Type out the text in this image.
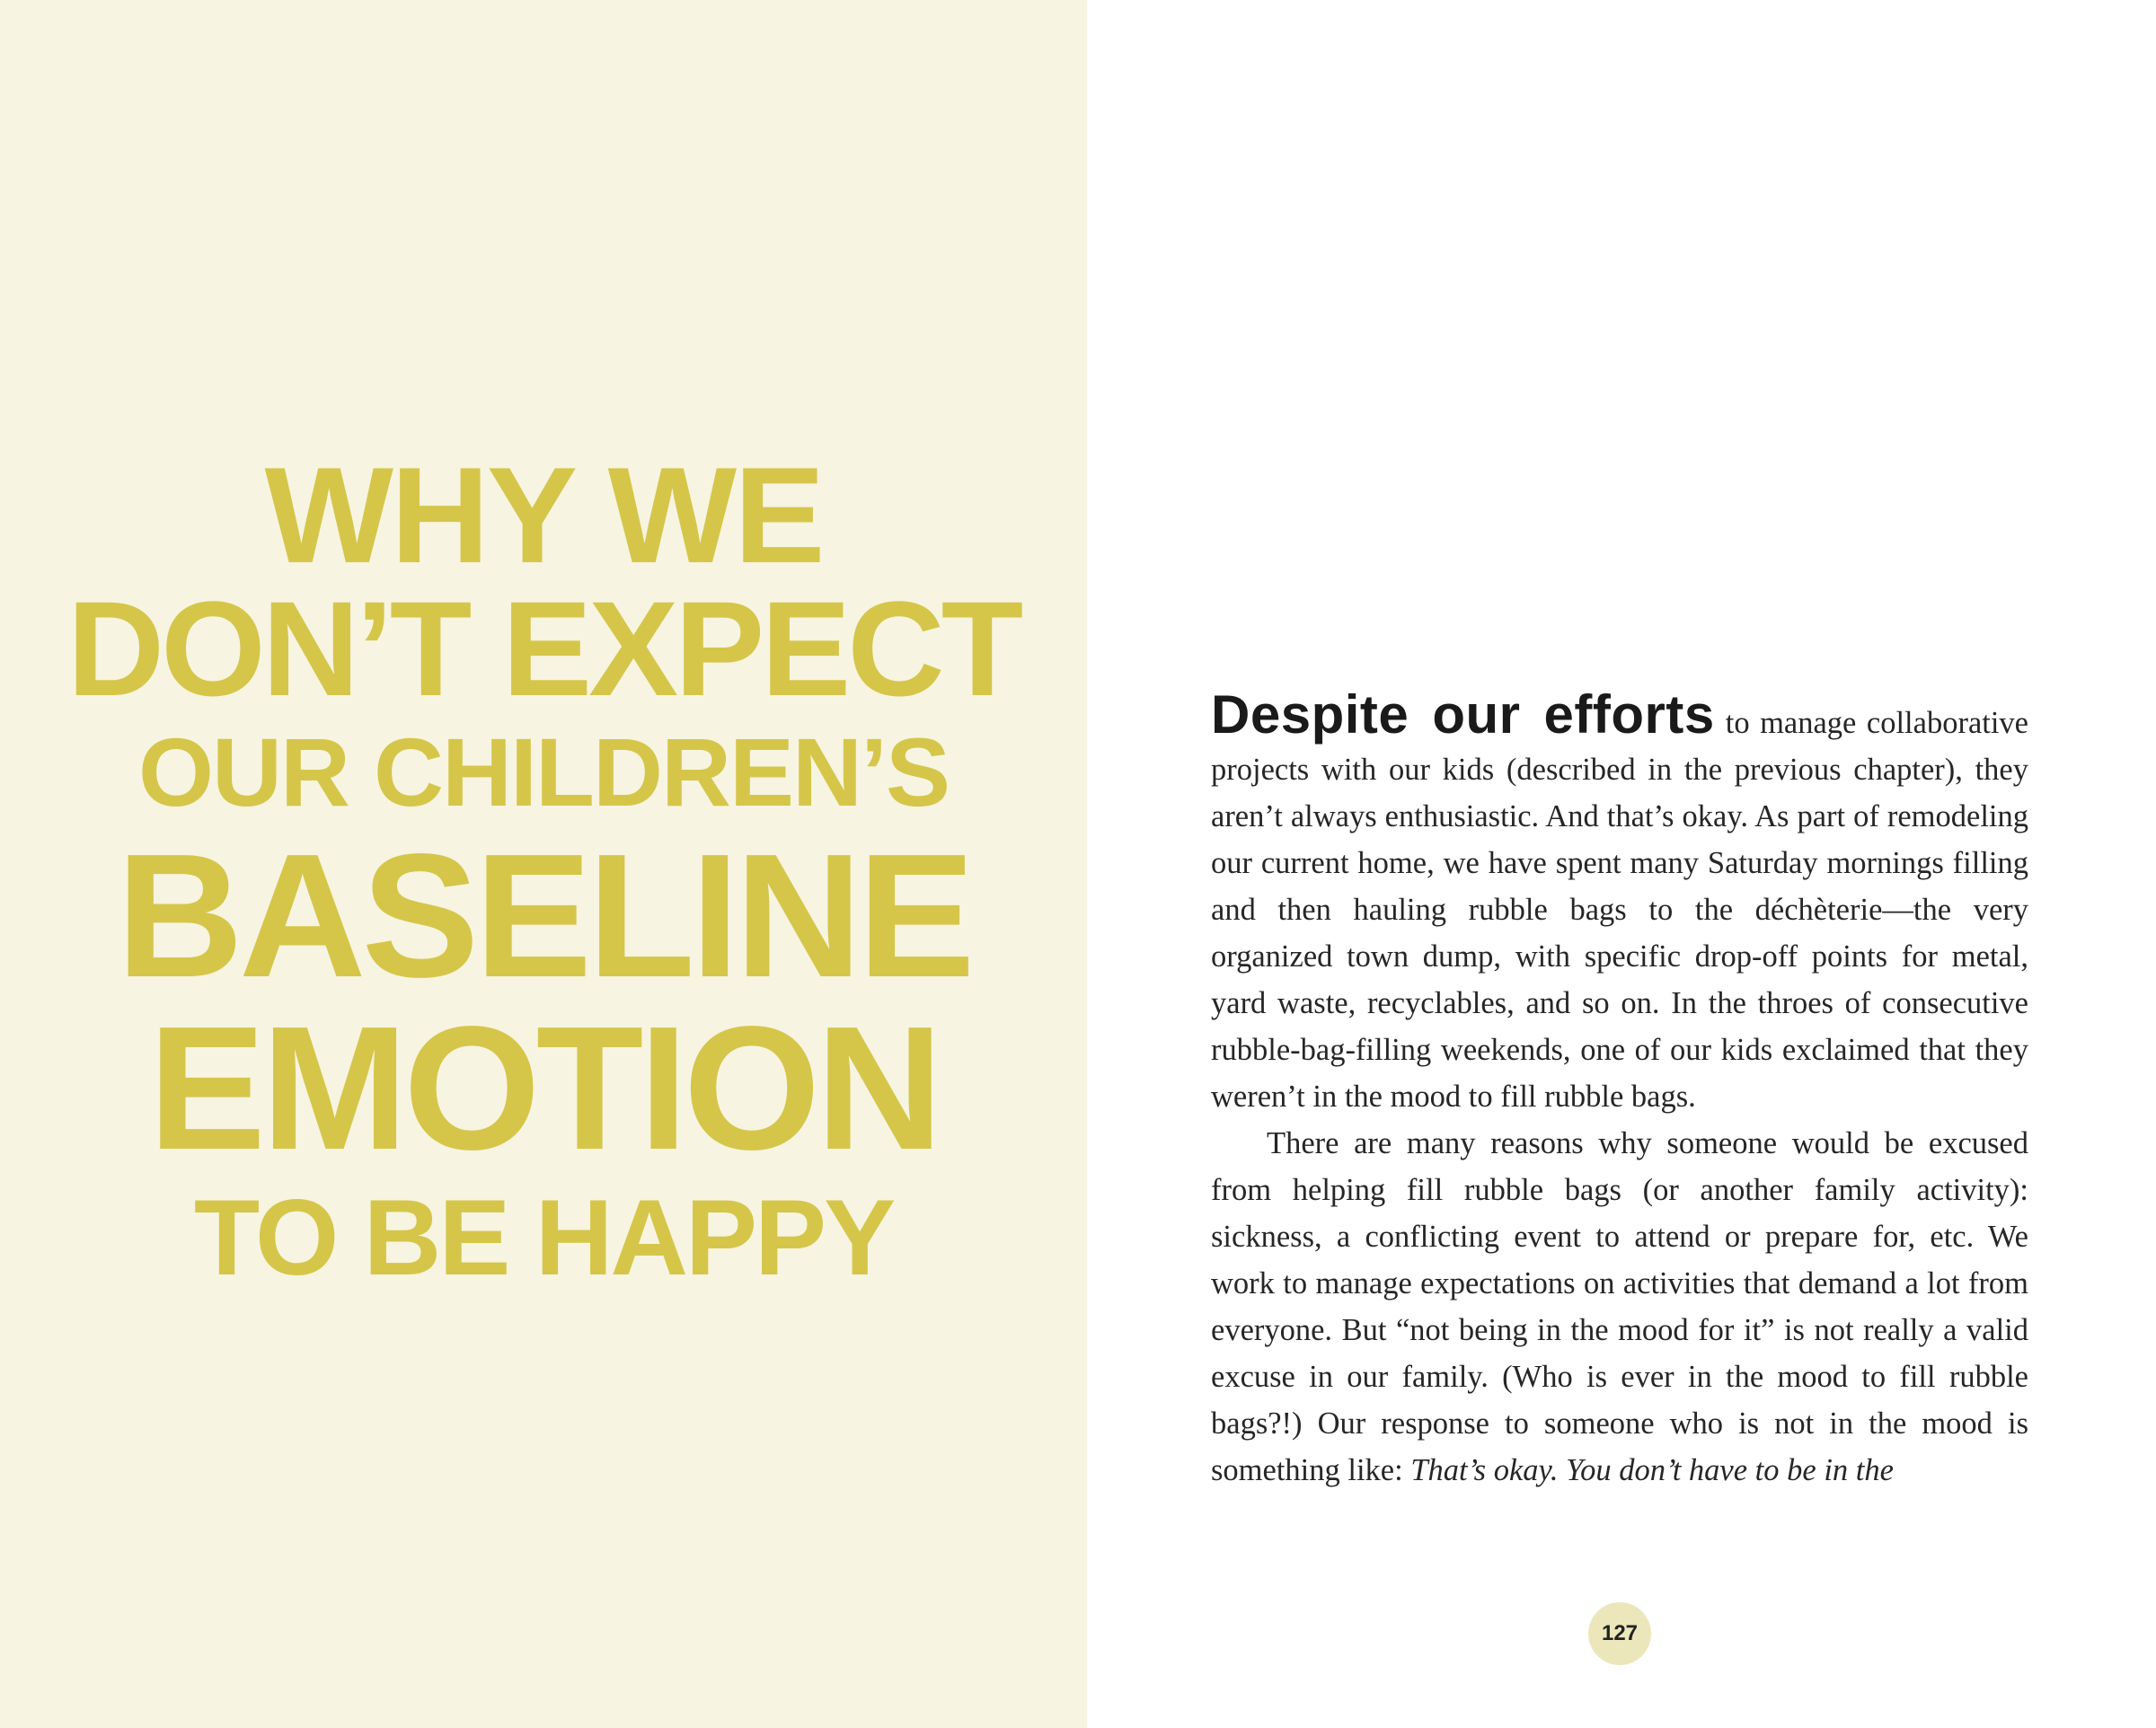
WHY WE
DON’T EXPECT
OUR CHILDREN’S
BASELINE
EMOTION
TO BE HAPPY

Despite our efforts to manage collaborative projects with our kids (described in the previous chapter), they aren’t always enthusiastic. And that’s okay. As part of remodeling our current home, we have spent many Saturday mornings filling and then hauling rubble bags to the déchèterie—the very organized town dump, with specific drop-off points for metal, yard waste, recyclables, and so on. In the throes of consecutive rubble-bag-filling weekends, one of our kids exclaimed that they weren’t in the mood to fill rubble bags.

There are many reasons why someone would be excused from helping fill rubble bags (or another family activity): sickness, a conflicting event to attend or prepare for, etc. We work to manage expectations on activities that demand a lot from everyone. But “not being in the mood for it” is not really a valid excuse in our family. (Who is ever in the mood to fill rubble bags?!) Our response to someone who is not in the mood is something like: That’s okay. You don’t have to be in the

127
